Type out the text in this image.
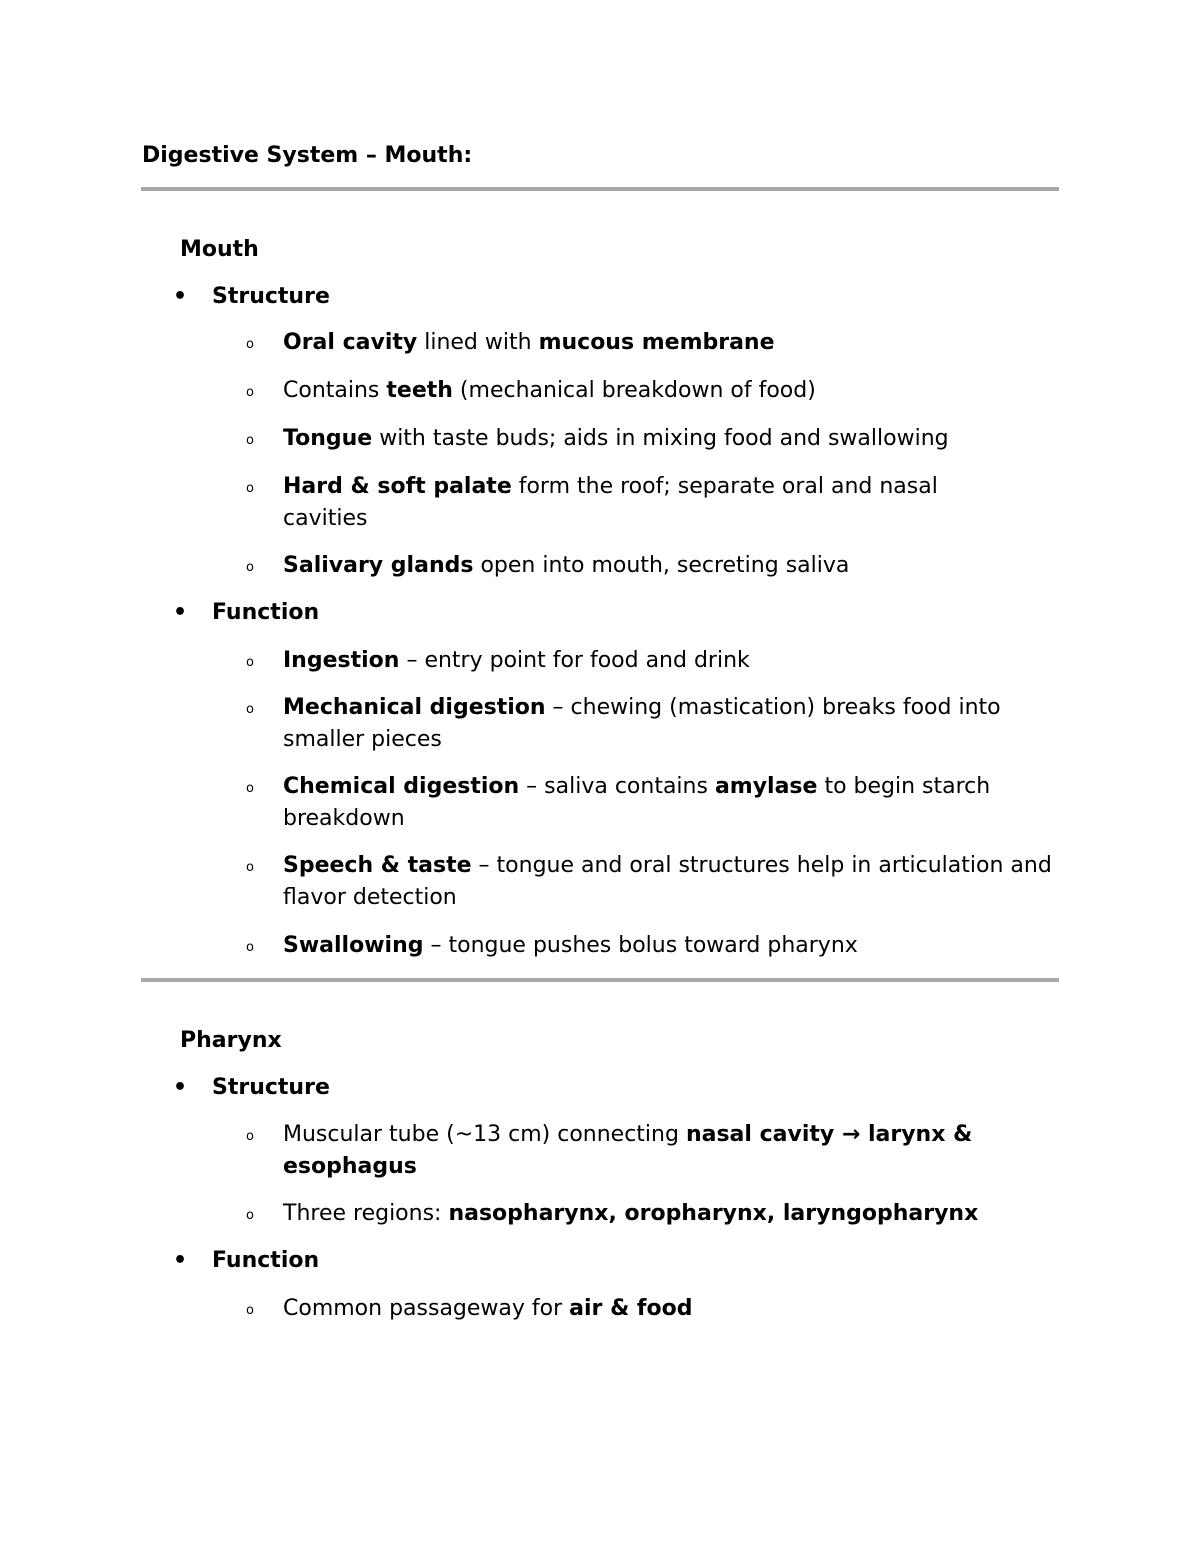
Digestive System – Mouth:
Mouth
• Structure
o Oral cavity lined with mucous membrane
o Contains teeth (mechanical breakdown of food)
o Tongue with taste buds; aids in mixing food and swallowing
o Hard & soft palate form the roof; separate oral and nasal cavities
o Salivary glands open into mouth, secreting saliva
• Function
o Ingestion – entry point for food and drink
o Mechanical digestion – chewing (mastication) breaks food into smaller pieces
o Chemical digestion – saliva contains amylase to begin starch breakdown
o Speech & taste – tongue and oral structures help in articulation and flavor detection
o Swallowing – tongue pushes bolus toward pharynx
Pharynx
• Structure
o Muscular tube (~13 cm) connecting nasal cavity → larynx & esophagus
o Three regions: nasopharynx, oropharynx, laryngopharynx
• Function
o Common passageway for air & food
